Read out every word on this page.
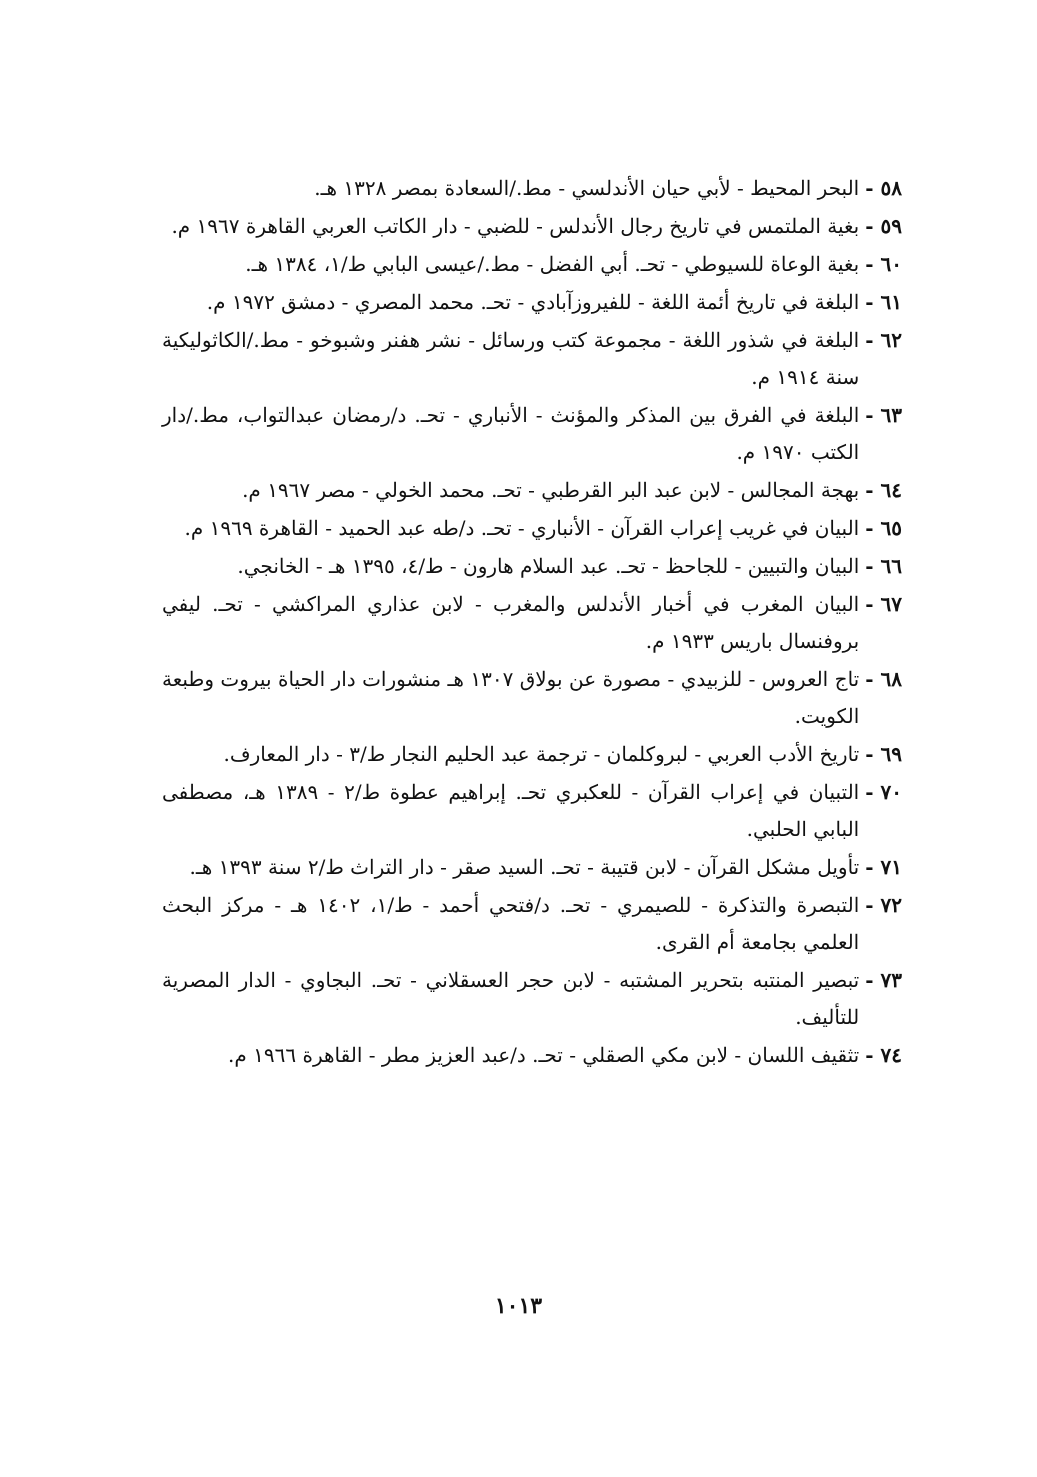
٥٨ -
البحر المحيط - لأبي حيان الأندلسي - مط./السعادة بمصر ١٣٢٨ هـ.
٥٩ -
بغية الملتمس في تاريخ رجال الأندلس - للضبي - دار الكاتب العربي القاهرة ١٩٦٧ م.
٦٠ -
بغية الوعاة للسيوطي - تحـ. أبي الفضل - مط./عيسى البابي ط/١، ١٣٨٤ هـ.
٦١ -
البلغة في تاريخ أئمة اللغة - للفيروزآبادي - تحـ. محمد المصري - دمشق ١٩٧٢ م.
٦٢ -
البلغة في شذور اللغة - مجموعة كتب ورسائل - نشر هفنر وشبوخو - مط./الكاثوليكية سنة ١٩١٤ م.
٦٣ -
البلغة في الفرق بين المذكر والمؤنث - الأنباري - تحـ. د/رمضان عبدالتواب، مط./دار الكتب ١٩٧٠ م.
٦٤ -
بهجة المجالس - لابن عبد البر القرطبي - تحـ. محمد الخولي - مصر ١٩٦٧ م.
٦٥ -
البيان في غريب إعراب القرآن - الأنباري - تحـ. د/طه عبد الحميد - القاهرة ١٩٦٩ م.
٦٦ -
البيان والتبيين - للجاحظ - تحـ. عبد السلام هارون - ط/٤، ١٣٩٥ هـ - الخانجي.
٦٧ -
البيان المغرب في أخبار الأندلس والمغرب - لابن عذاري المراكشي - تحـ. ليفي بروفنسال باريس ١٩٣٣ م.
٦٨ -
تاج العروس - للزبيدي - مصورة عن بولاق ١٣٠٧ هـ منشورات دار الحياة بيروت وطبعة الكويت.
٦٩ -
تاريخ الأدب العربي - لبروكلمان - ترجمة عبد الحليم النجار ط/٣ - دار المعارف.
٧٠ -
التبيان في إعراب القرآن - للعكبري تحـ. إبراهيم عطوة ط/٢ - ١٣٨٩ هـ، مصطفى البابي الحلبي.
٧١ -
تأويل مشكل القرآن - لابن قتيبة - تحـ. السيد صقر - دار التراث ط/٢ سنة ١٣٩٣ هـ.
٧٢ -
التبصرة والتذكرة - للصيمري - تحـ. د/فتحي أحمد - ط/١، ١٤٠٢ هـ - مركز البحث العلمي بجامعة أم القرى.
٧٣ -
تبصير المنتبه بتحرير المشتبه - لابن حجر العسقلاني - تحـ. البجاوي - الدار المصرية للتأليف.
٧٤ -
تثقيف اللسان - لابن مكي الصقلي - تحـ. د/عبد العزيز مطر - القاهرة ١٩٦٦ م.
١٠١٣
